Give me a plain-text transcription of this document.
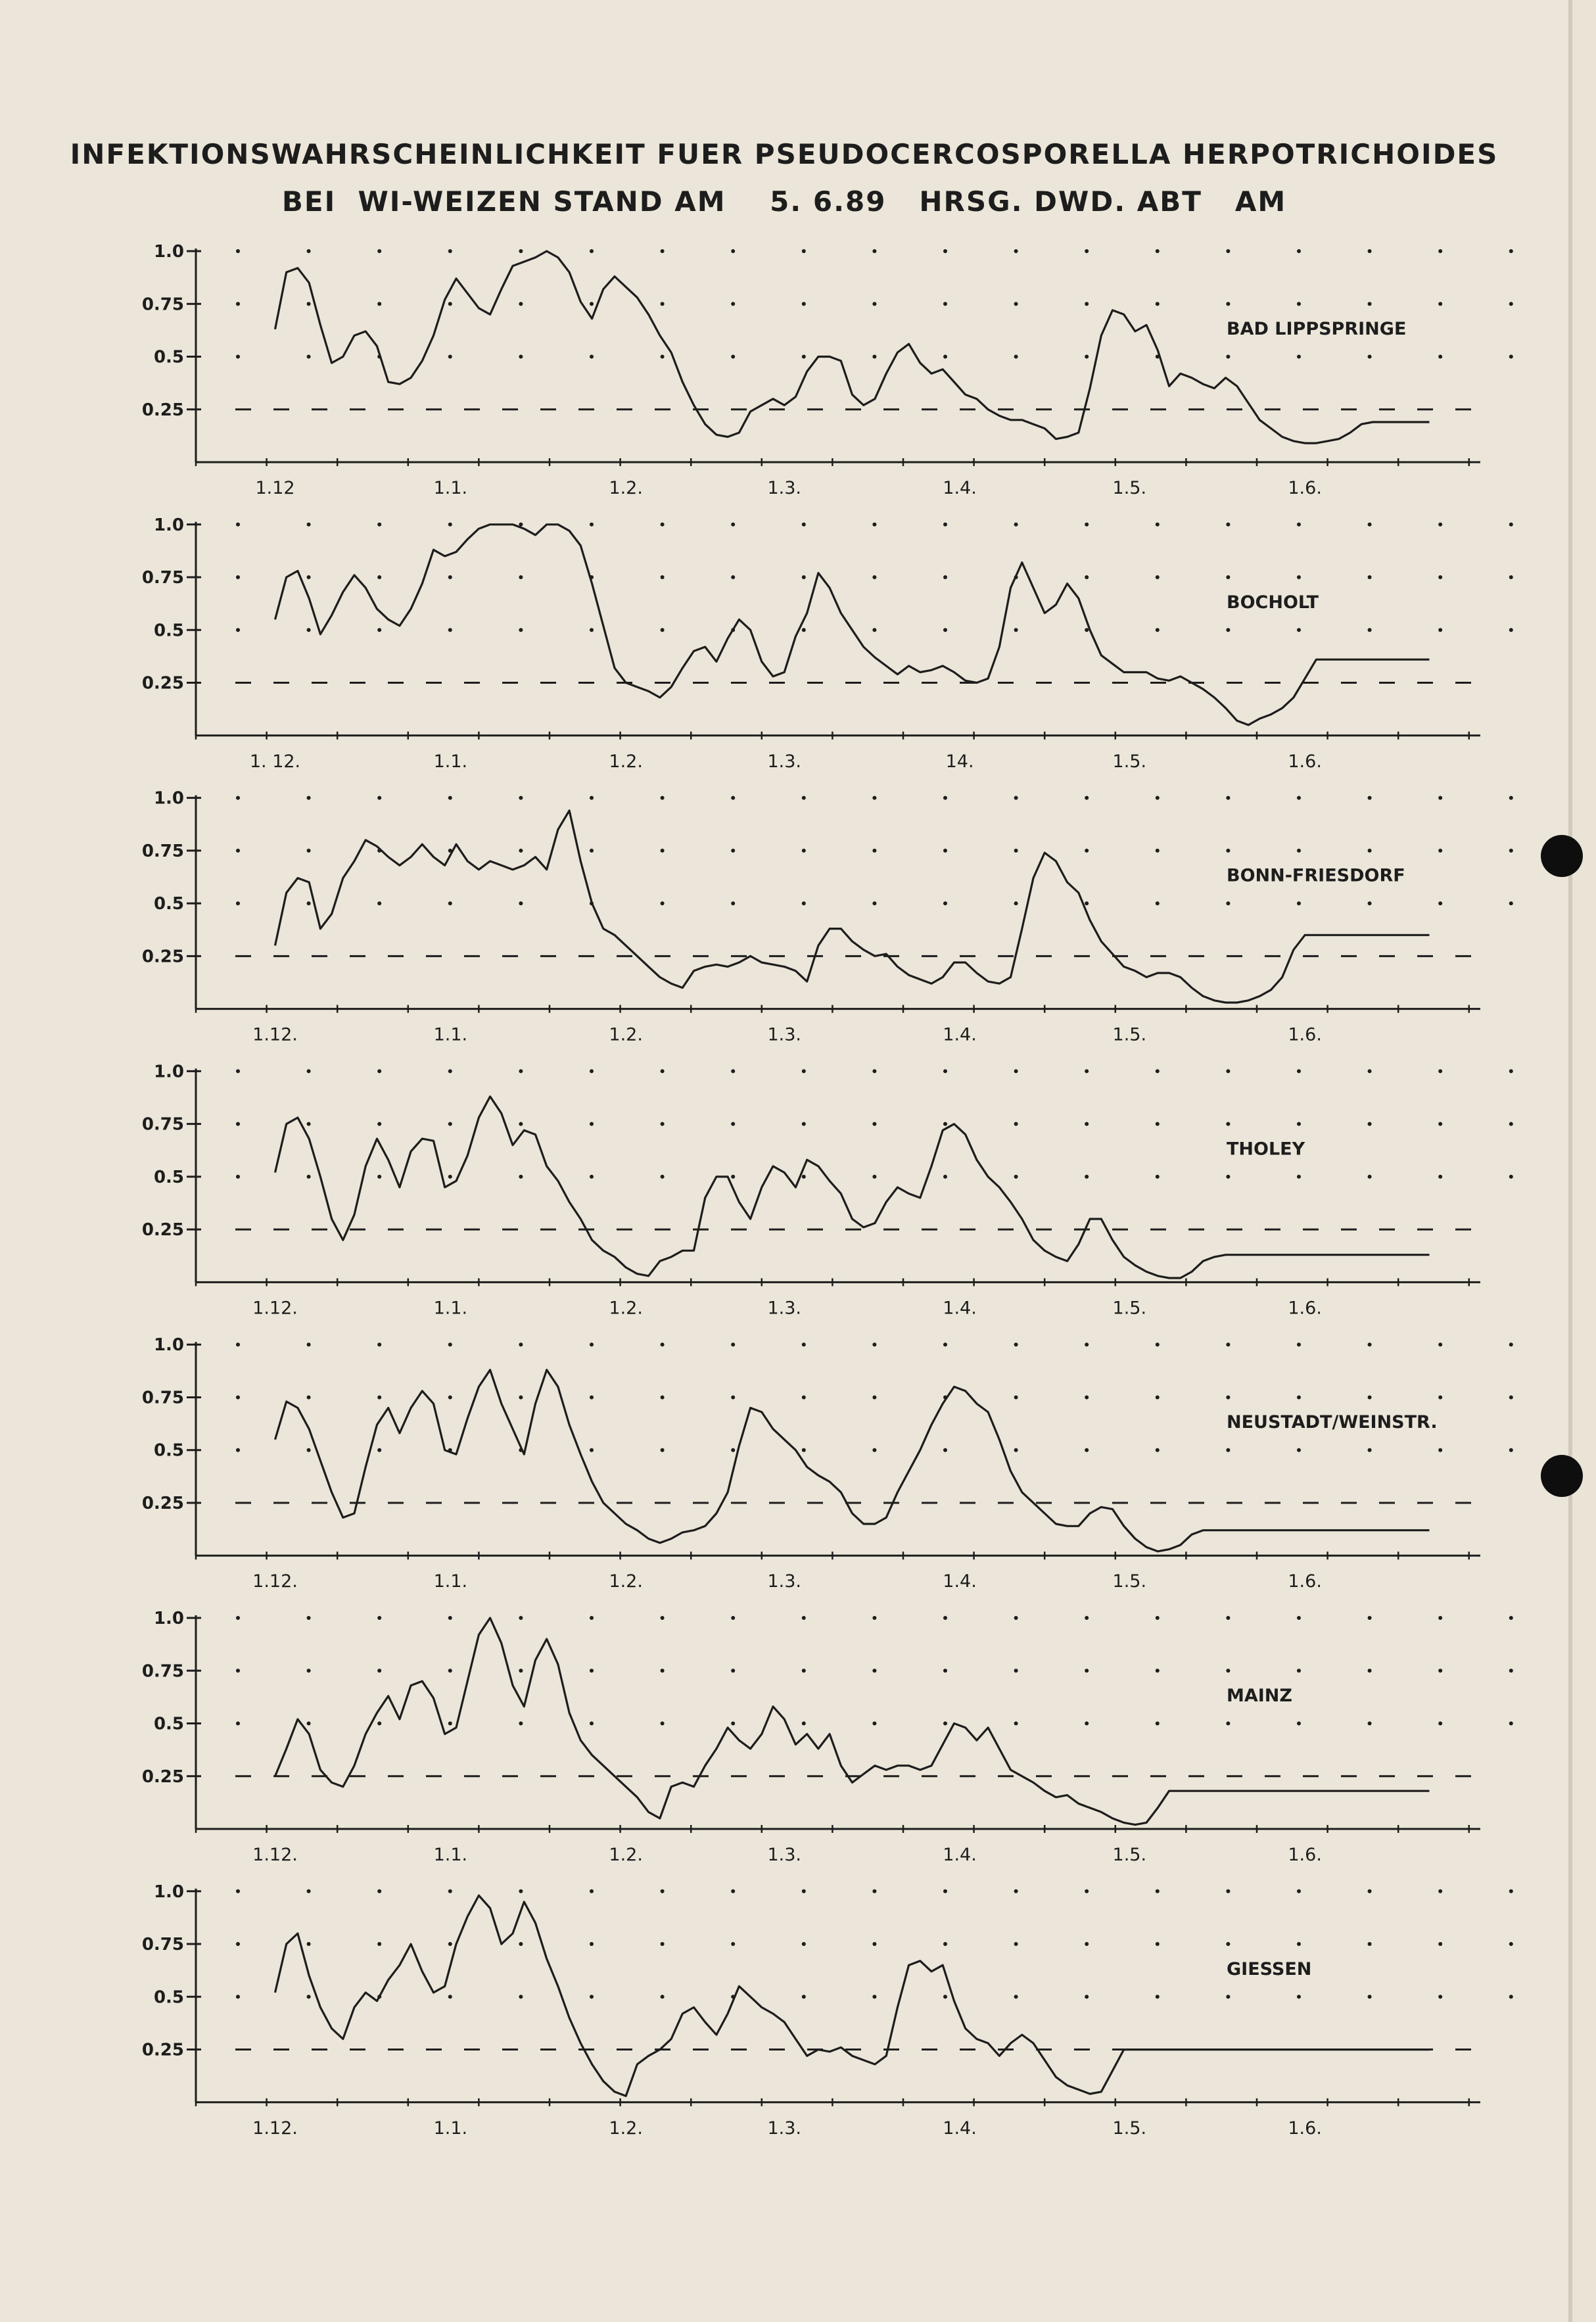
INFEKTIONSWAHRSCHEINLICHKEIT FUER PSEUDOCERCOSPORELLA HERPOTRICHOIDES
BEI  WI-WEIZEN STAND AM    5. 6.89   HRSG. DWD. ABT   AM
1.0
0.75
0.5
0.25
1.12	1.1.	1.2.	1.3.	1.4.	1.5.	1.6.
BAD LIPPSPRINGE
1.0
0.75
0.5
0.25
1. 12.	1.1.	1.2.	1.3.	14.	1.5.	1.6.
BOCHOLT
1.0
0.75
0.5
0.25
1.12.	1.1.	1.2.	1.3.	1.4.	1.5.	1.6.
BONN-FRIESDORF
1.0
0.75
0.5
0.25
1.12.	1.1.	1.2.	1.3.	1.4.	1.5.	1.6.
THOLEY
1.0
0.75
0.5
0.25
1.12.	1.1.	1.2.	1.3.	1.4.	1.5.	1.6.
NEUSTADT/WEINSTR.
1.0
0.75
0.5
0.25
1.12.	1.1.	1.2.	1.3.	1.4.	1.5.	1.6.
MAINZ
1.0
0.75
0.5
0.25
1.12.	1.1.	1.2.	1.3.	1.4.	1.5.	1.6.
GIESSEN
